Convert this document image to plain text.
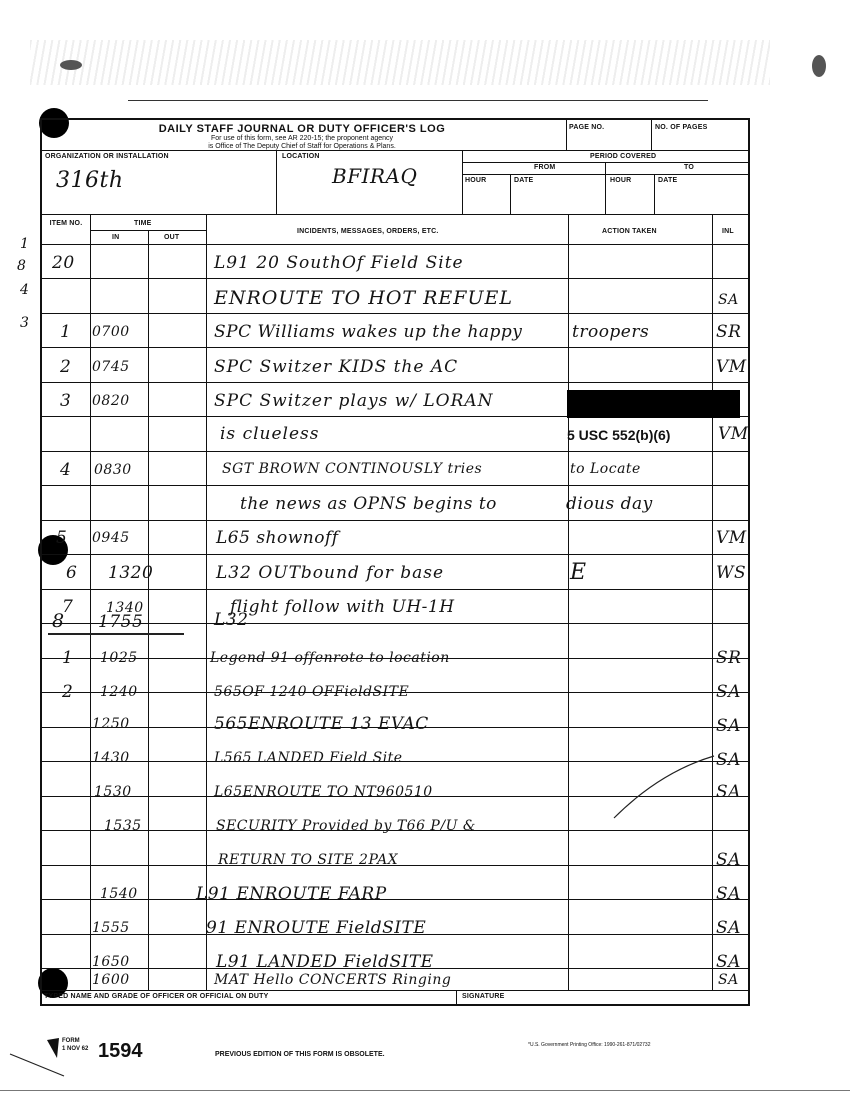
1
8
4
3
DAILY STAFF JOURNAL OR DUTY OFFICER'S LOG
For use of this form, see AR 220-15; the proponent agency
is Office of The Deputy Chief of Staff for Operations & Plans.
PAGE NO.	NO. OF PAGES
ORGANIZATION OR INSTALLATION	LOCATION	PERIOD COVERED
FROM	TO
HOUR	DATE	HOUR	DATE
316th	BFIRAQ
ITEM NO.	TIME
IN	OUT
INCIDENTS, MESSAGES, ORDERS, ETC.	ACTION TAKEN	INL
TYPED NAME AND GRADE OF OFFICER OR OFFICIAL ON DUTY	SIGNATURE
20	L91 20 SouthOf Field Site
ENROUTE TO HOT REFUEL	SA
1 0700	SPC Williams wakes up the happy	troopers	SR
2 0745	SPC Switzer KIDS the AC	VM
3 0820	SPC Switzer plays w/ LORAN
is clueless	5 USC 552(b)(6)	VM
4 0830	SGT BROWN CONTINOUSLY tries	to Locate
the news as OPNS begins to	dious day
5 0945	L65 shownoff	VM
6 1320	L32 OUTbound for base	E	WS
7 1340	flight follow with UH-1H
8 1755	L32
1 1025	Legend 91 offenrote to location	SR
2 1240	565OF 1240 OFFieldSITE	SA
1250	565ENROUTE 13 EVAC	SA
1430	L565 LANDED Field Site	SA
1530	L65ENROUTE TO NT960510	SA
1535	SECURITY Provided by T66 P/U &
RETURN TO SITE 2PAX	SA
1540	L91 ENROUTE FARP	SA
1555	91 ENROUTE FieldSITE	SA
1650	L91 LANDED FieldSITE	SA
1600	MAT Hello CONCERTS Ringing	SA
FORM
1 NOV 62 1594	PREVIOUS EDITION OF THIS FORM IS OBSOLETE.
*U.S. Government Printing Office: 1990-261-871/02732
